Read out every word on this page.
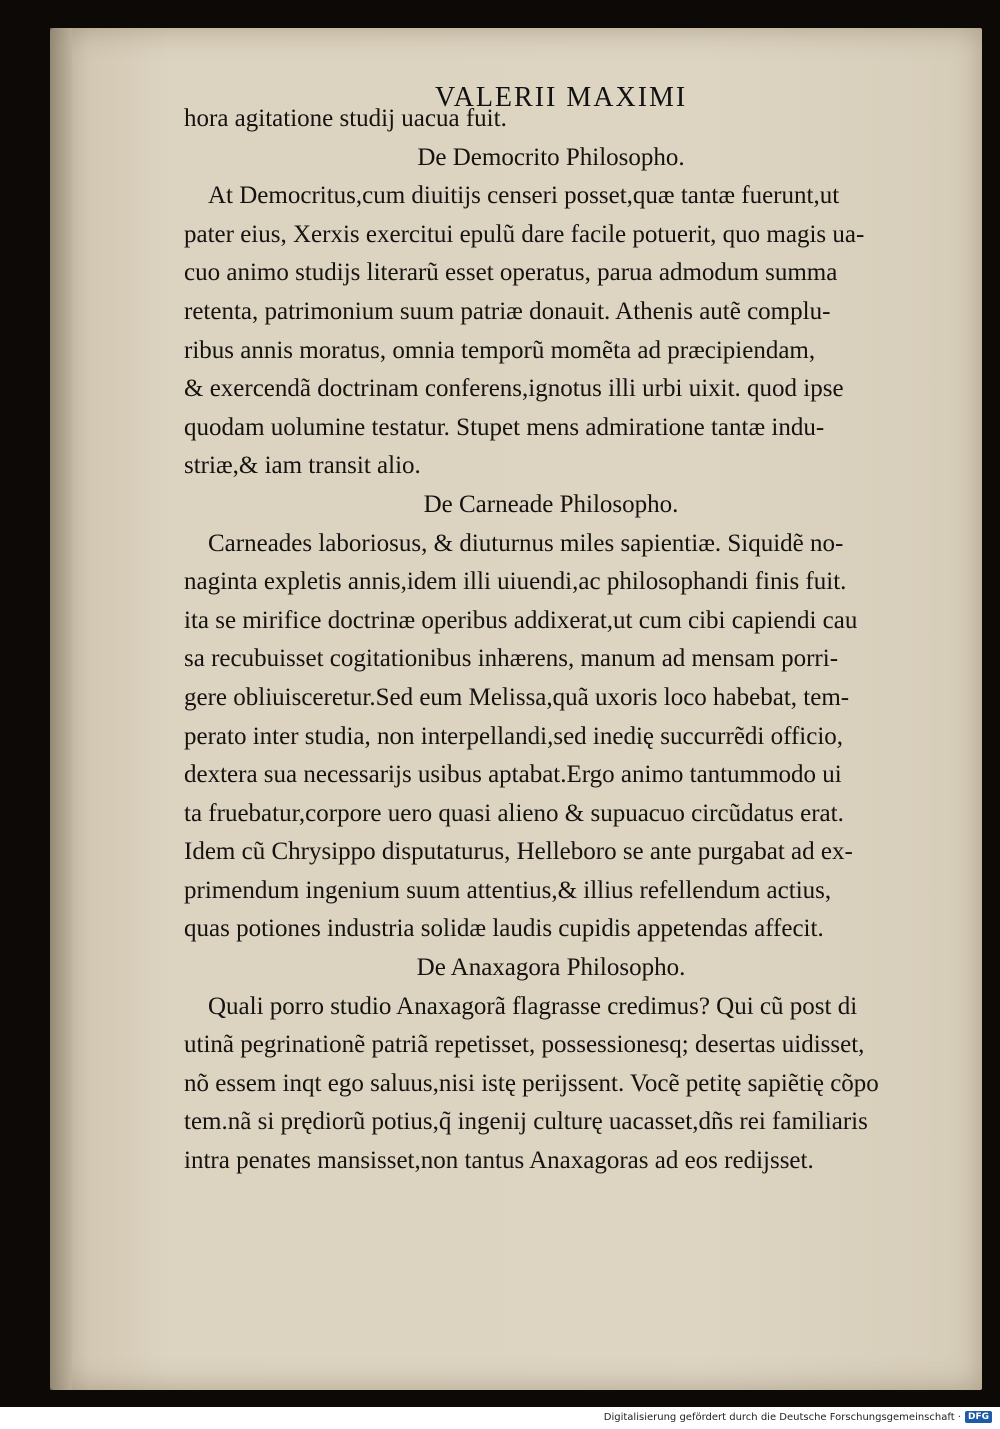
VALERII MAXIMI
hora agitatione studij uacua fuit.
De Democrito Philosopho.
At Democritus,cum diuitijs censeri posset,quæ tantæ fuerunt,ut
pater eius, Xerxis exercitui epulũ dare facile potuerit, quo magis ua-
cuo animo studijs literarũ esset operatus, parua admodum summa
retenta, patrimonium suum patriæ donauit. Athenis autẽ complu-
ribus annis moratus, omnia temporũ momẽta ad præcipiendam,
& exercendã doctrinam conferens,ignotus illi urbi uixit. quod ipse
quodam uolumine testatur. Stupet mens admiratione tantæ indu-
striæ,& iam transit alio.
De Carneade Philosopho.
Carneades laboriosus, & diuturnus miles sapientiæ. Siquidẽ no-
naginta expletis annis,idem illi uiuendi,ac philosophandi finis fuit.
ita se mirifice doctrinæ operibus addixerat,ut cum cibi capiendi cau
sa recubuisset cogitationibus inhærens, manum ad mensam porri-
gere obliuisceretur.Sed eum Melissa,quã uxoris loco habebat, tem-
perato inter studia, non interpellandi,sed inedię succurrẽdi officio,
dextera sua necessarijs usibus aptabat.Ergo animo tantummodo ui
ta fruebatur,corpore uero quasi alieno & supuacuo circũdatus erat.
Idem cũ Chrysippo disputaturus, Helleboro se ante purgabat ad ex-
primendum ingenium suum attentius,& illius refellendum actius,
quas potiones industria solidæ laudis cupidis appetendas affecit.
De Anaxagora Philosopho.
Quali porro studio Anaxagorã flagrasse credimus? Qui cũ post di
utinã pegrinationẽ patriã repetisset, possessionesq; desertas uidisset,
nõ essem inqt ego saluus,nisi istę perijssent. Vocẽ petitę sapiẽtię cõpo
tem.nã si prędiorũ potius,q̃ ingenij culturę uacasset,dñs rei familiaris
intra penates mansisset,non tantus Anaxagoras ad eos redijsset.
Digitalisierung gefördert durch die Deutsche Forschungsgemeinschaft · DFG
